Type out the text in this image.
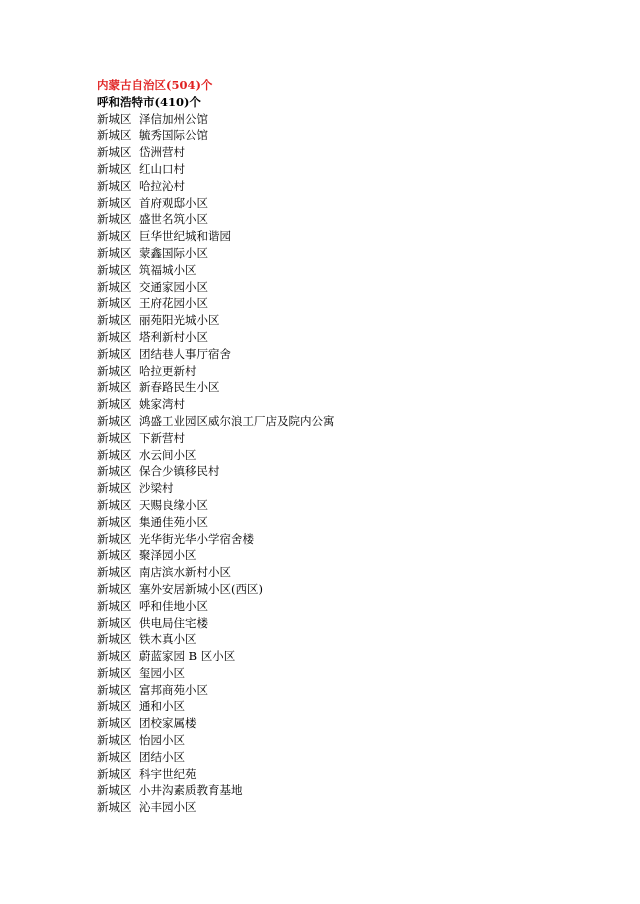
内蒙古自治区(504)个
呼和浩特市(410)个
新城区 泽信加州公馆
新城区 毓秀国际公馆
新城区 岱洲营村
新城区 红山口村
新城区 哈拉沁村
新城区 首府观邸小区
新城区 盛世名筑小区
新城区 巨华世纪城和谐园
新城区 蒙鑫国际小区
新城区 筑福城小区
新城区 交通家园小区
新城区 王府花园小区
新城区 丽苑阳光城小区
新城区 塔利新村小区
新城区 团结巷人事厅宿舍
新城区 哈拉更新村
新城区 新春路民生小区
新城区 姚家湾村
新城区 鸿盛工业园区威尔浪工厂店及院内公寓
新城区 下新营村
新城区 水云间小区
新城区 保合少镇移民村
新城区 沙梁村
新城区 天赐良缘小区
新城区 集通佳苑小区
新城区 光华街光华小学宿舍楼
新城区 聚泽园小区
新城区 南店滨水新村小区
新城区 塞外安居新城小区(西区)
新城区 呼和佳地小区
新城区 供电局住宅楼
新城区 铁木真小区
新城区 蔚蓝家园 B 区小区
新城区 玺园小区
新城区 富邦商苑小区
新城区 通和小区
新城区 团校家属楼
新城区 怡园小区
新城区 团结小区
新城区 科宇世纪苑
新城区 小井沟素质教育基地
新城区 沁丰园小区
